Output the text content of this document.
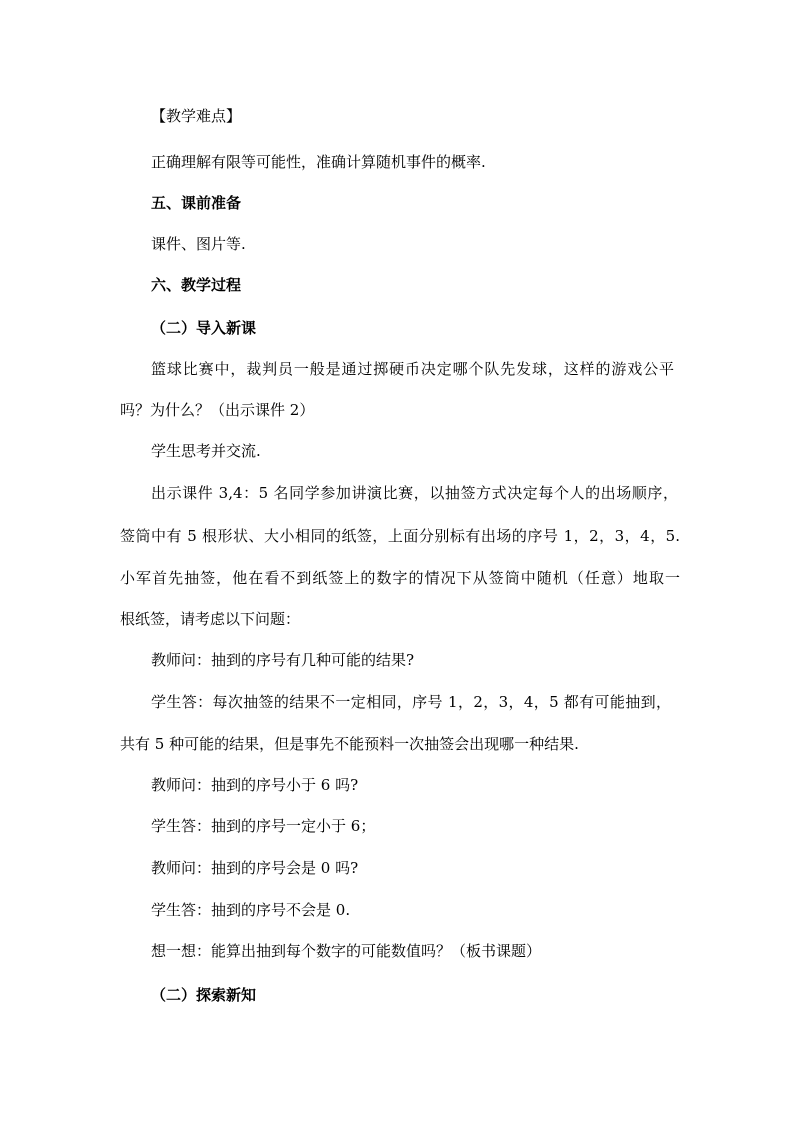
【教学难点】
正确理解有限等可能性，准确计算随机事件的概率.
五、课前准备
课件、图片等.
六、教学过程
（二）导入新课
篮球比赛中，裁判员一般是通过掷硬币决定哪个队先发球，这样的游戏公平
吗？为什么？（出示课件 2）
学生思考并交流.
出示课件 3,4：5 名同学参加讲演比赛，以抽签方式决定每个人的出场顺序，
签筒中有 5 根形状、大小相同的纸签，上面分别标有出场的序号 1，2，3，4，5.
小军首先抽签，他在看不到纸签上的数字的情况下从签筒中随机（任意）地取一
根纸签，请考虑以下问题：
教师问：抽到的序号有几种可能的结果?
学生答：每次抽签的结果不一定相同，序号 1，2，3，4，5 都有可能抽到，
共有 5 种可能的结果，但是事先不能预料一次抽签会出现哪一种结果.
教师问：抽到的序号小于 6 吗?
学生答：抽到的序号一定小于 6；
教师问：抽到的序号会是 0 吗?
学生答：抽到的序号不会是 0.
想一想：能算出抽到每个数字的可能数值吗？（板书课题）
（二）探索新知
